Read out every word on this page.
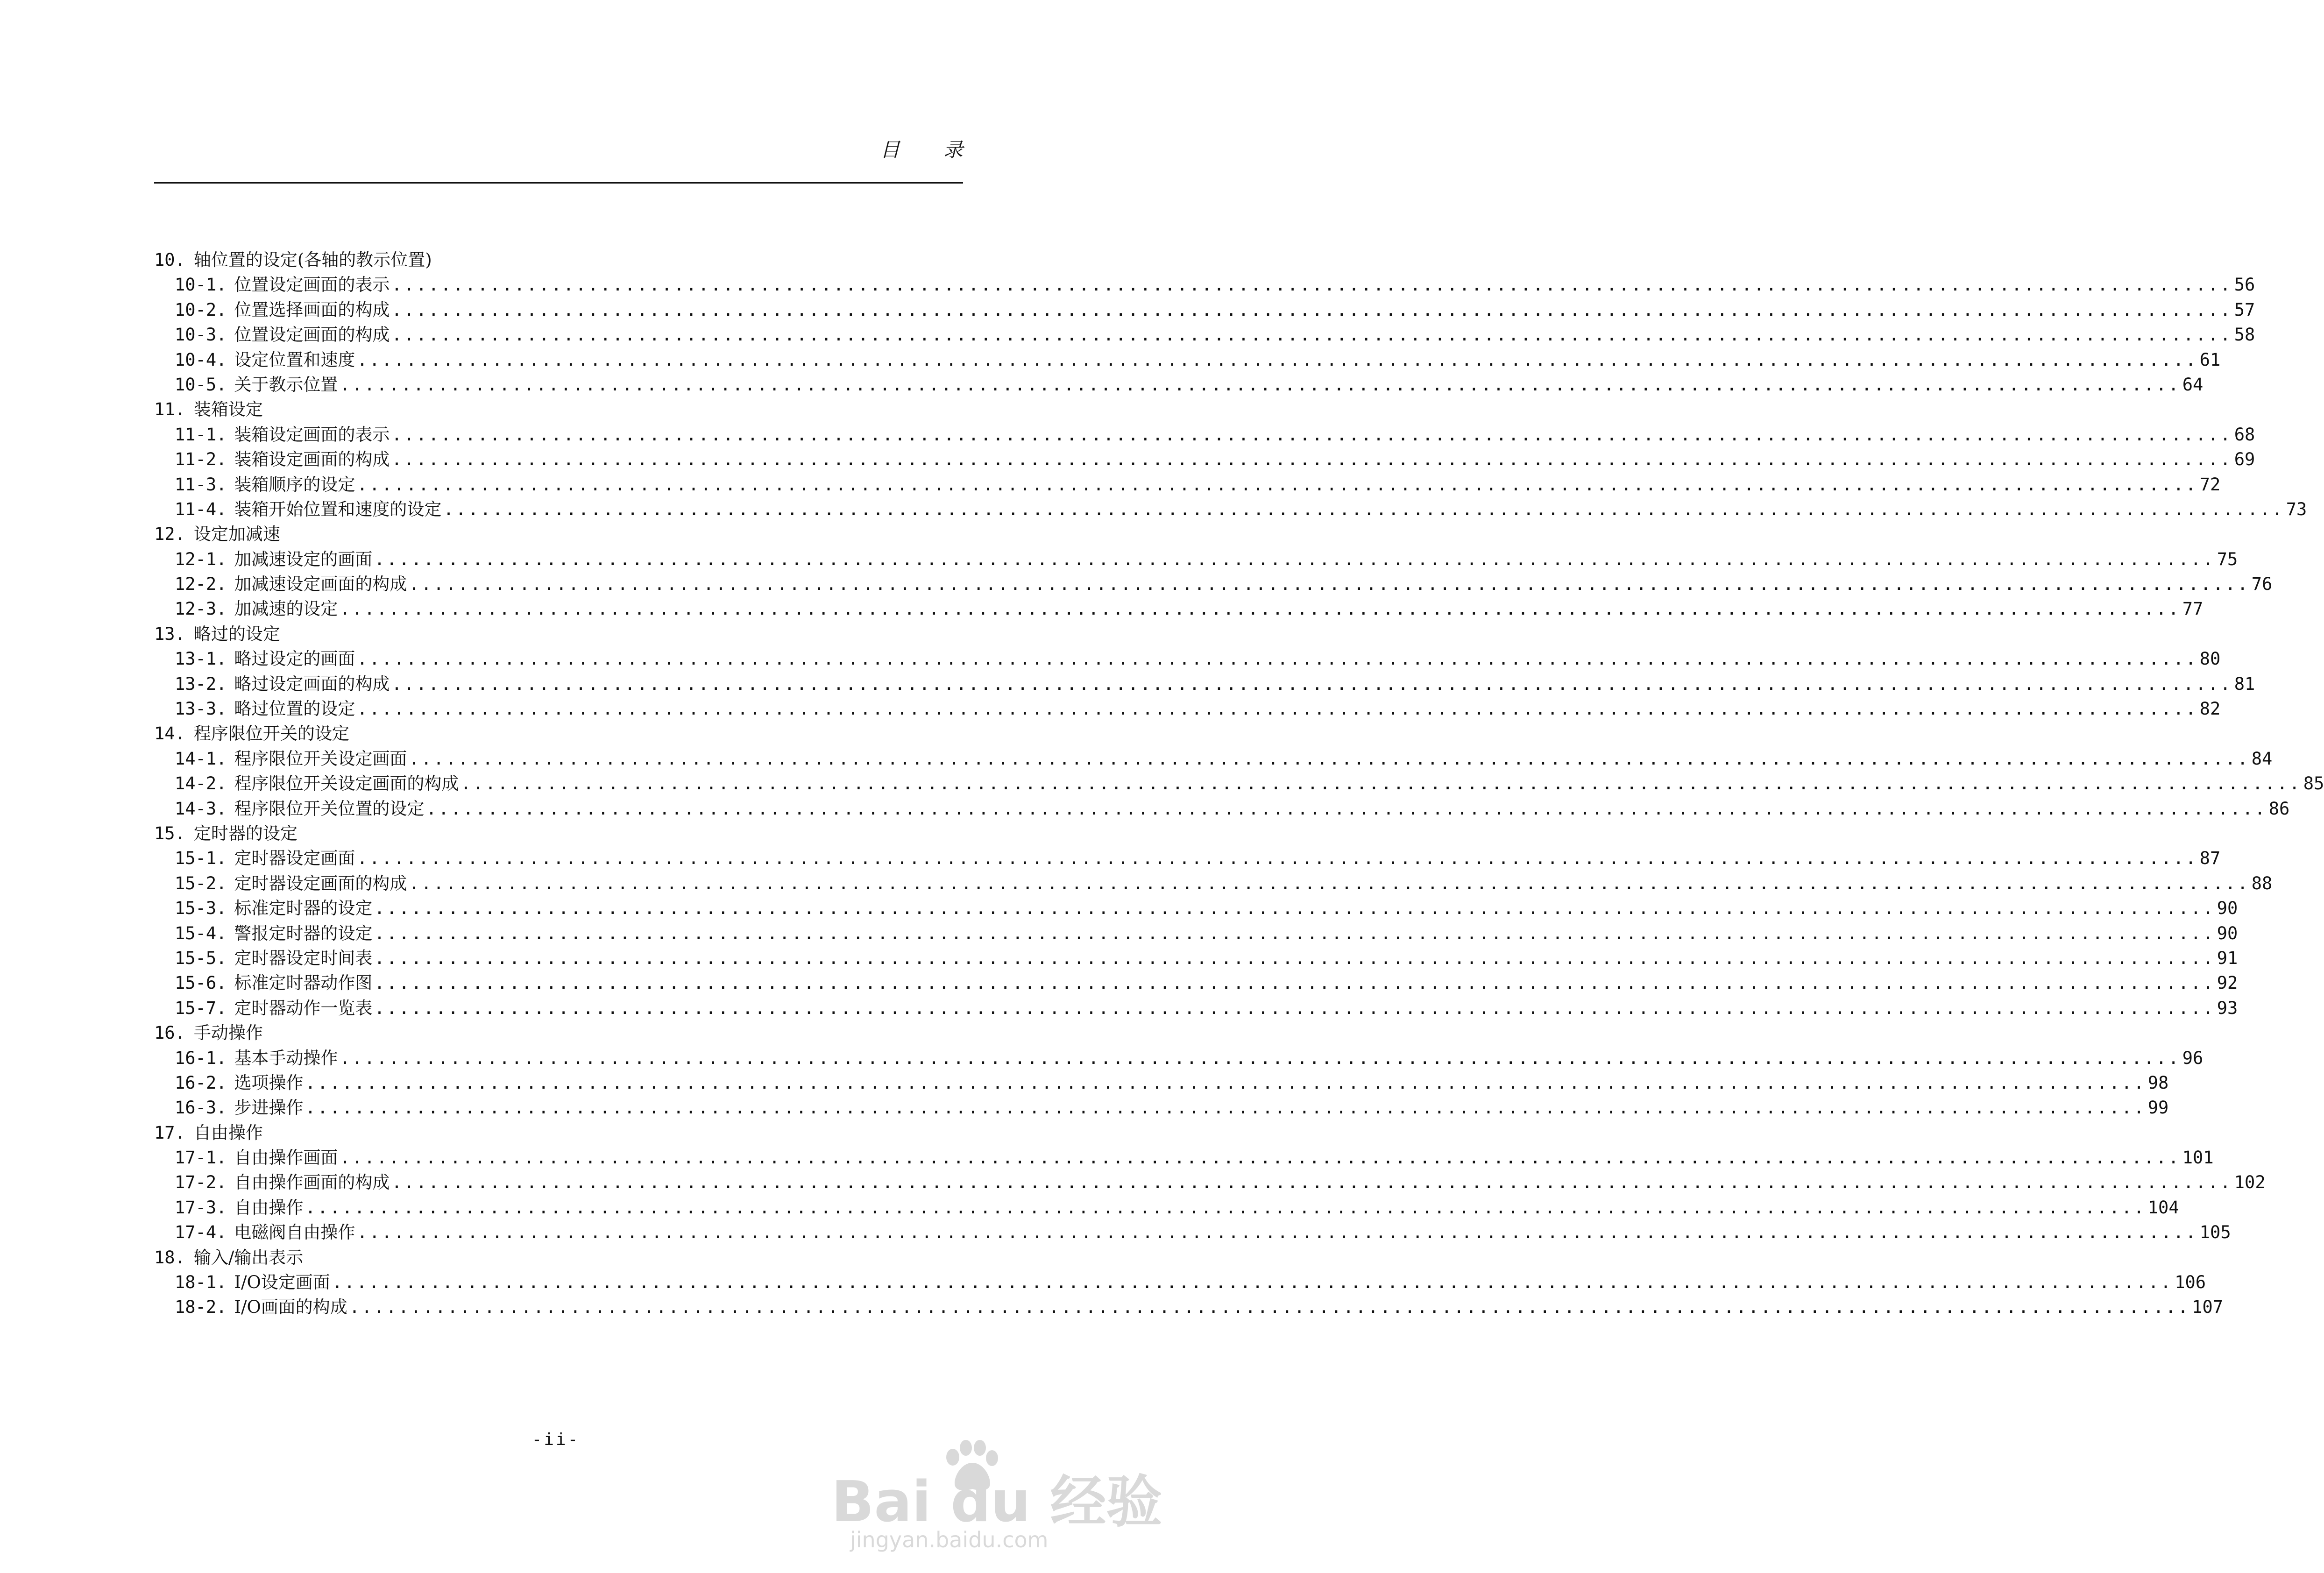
目 录
10. 轴位置的设定(各轴的教示位置)
10-1. 位置设定画面的表示 .....	56
10-2. 位置选择画面的构成 .....	57
10-3. 位置设定画面的构成 .....	58
10-4. 设定位置和速度 .....	61
10-5. 关于教示位置 .....	64
11. 装箱设定
11-1. 装箱设定画面的表示 .....	68
11-2. 装箱设定画面的构成 .....	69
11-3. 装箱顺序的设定 .....	72
11-4. 装箱开始位置和速度的设定 .....	73
12. 设定加减速
12-1. 加减速设定的画面 .....	75
12-2. 加减速设定画面的构成 .....	76
12-3. 加减速的设定 .....	77
13. 略过的设定
13-1. 略过设定的画面 .....	80
13-2. 略过设定画面的构成 .....	81
13-3. 略过位置的设定 .....	82
14. 程序限位开关的设定
14-1. 程序限位开关设定画面 .....	84
14-2. 程序限位开关设定画面的构成 .....	85
14-3. 程序限位开关位置的设定 .....	86
15. 定时器的设定
15-1. 定时器设定画面 .....	87
15-2. 定时器设定画面的构成 .....	88
15-3. 标准定时器的设定 .....	90
15-4. 警报定时器的设定 .....	90
15-5. 定时器设定时间表 .....	91
15-6. 标准定时器动作图 .....	92
15-7. 定时器动作一览表 .....	93
16. 手动操作
16-1. 基本手动操作 .....	96
16-2. 选项操作 .....	98
16-3. 步进操作 .....	99
17. 自由操作
17-1. 自由操作画面 .....	101
17-2. 自由操作画面的构成 .....	102
17-3. 自由操作 .....	104
17-4. 电磁阀自由操作 .....	105
18. 输入/输出表示
18-1. I/O设定画面 .....	106
18-2. I/O画面的构成 .....	107
-ii-
Bai du 经验
jingyan.baidu.com
